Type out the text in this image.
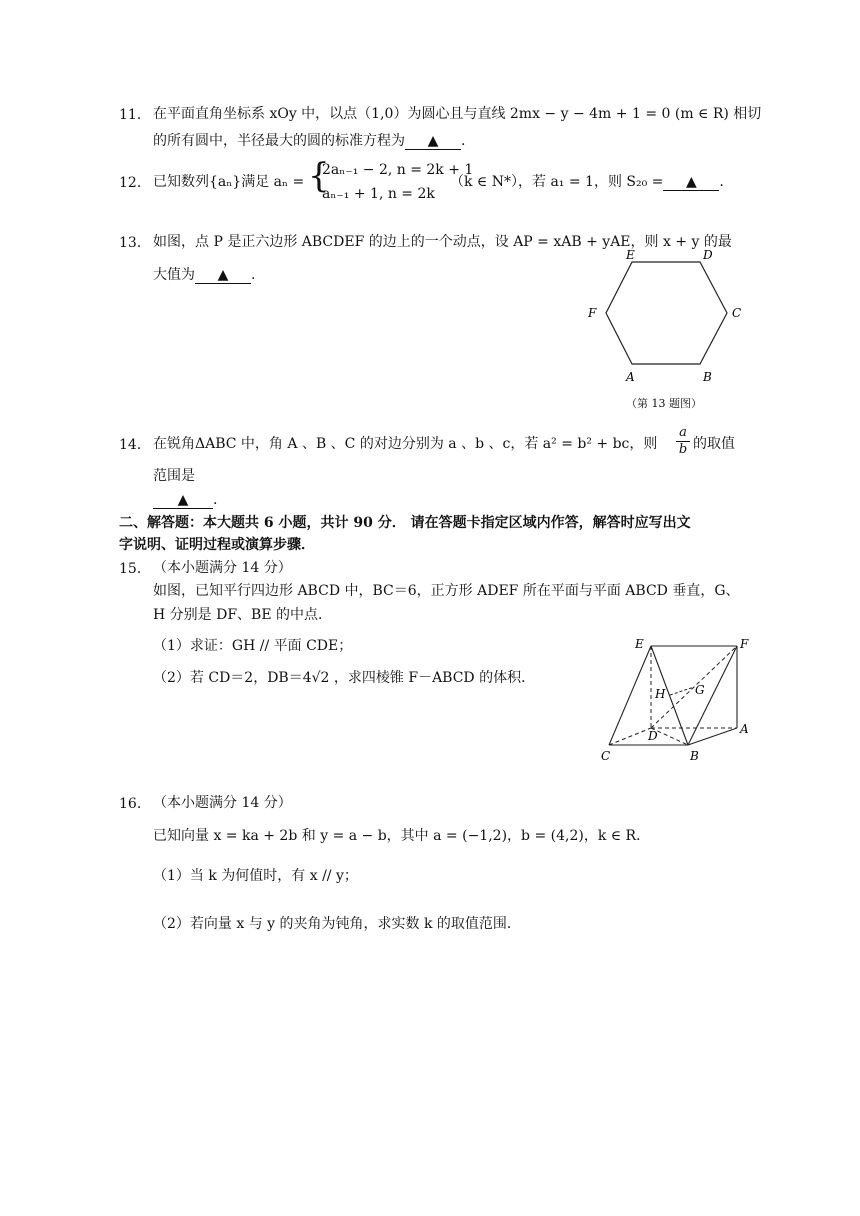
11． 在平面直角坐标系 xOy 中，以点（1,0）为圆心且与直线 2mx − y − 4m + 1 = 0 (m ∈ R) 相切
的所有圆中，半径最大的圆的标准方程为 ▲ .
12． 已知数列{aₙ}满足 aₙ = {
2aₙ₋₁ − 2, n = 2k + 1
aₙ₋₁ + 1, n = 2k
（k ∈ N*），若 a₁ = 1，则 S₂₀ = ▲ .
13． 如图，点 P 是正六边形 ABCDEF 的边上的一个动点，设 AP = xAB + yAE，则 x + y 的最
大值为 ▲ .
E	D
F	C
A	B
（第 13 题图）
14． 在锐角ΔABC 中，角 A 、B 、C 的对边分别为 a 、b 、c，若 a² = b² + bc，则 $\frac{a}{b}$ 的取值
范围是
▲ .
二、解答题：本大题共 6 小题，共计 90 分． 请在答题卡指定区域内作答，解答时应写出文
字说明、证明过程或演算步骤．
15． （本小题满分 14 分）
如图，已知平行四边形 ABCD 中，BC＝6，正方形 ADEF 所在平面与平面 ABCD 垂直，G、
H 分别是 DF、BE 的中点．
（1）求证：GH // 平面 CDE；
（2）若 CD＝2，DB＝4√2 ，求四棱锥 F－ABCD 的体积．
E	F
H G
D	A
C	B
16． （本小题满分 14 分）
已知向量 x = ka + 2b 和 y = a − b，其中 a = (−1,2)，b = (4,2)，k ∈ R．
（1）当 k 为何值时，有 x // y；
（2）若向量 x 与 y 的夹角为钝角，求实数 k 的取值范围．
